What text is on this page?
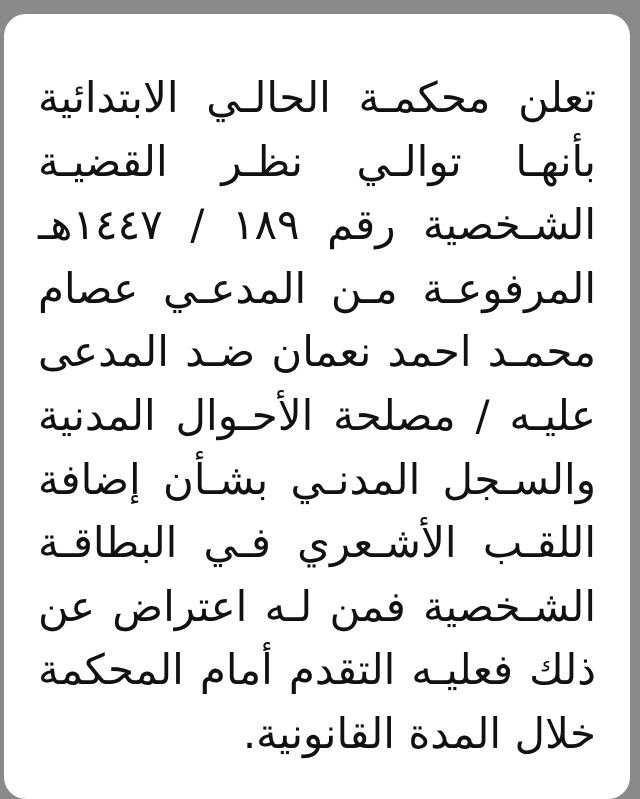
تعلن محكمـة الحالـي الابتدائية
بأنهـا توالـي نظـر القضيـة
الشـخصية رقم ١٨٩ / ١٤٤٧هـ
المرفوعـة مـن المدعـي عصام
محمـد احمد نعمان ضـد المدعى
عليـه / مصلحة الأحـوال المدنية
والسـجل المدنـي بشـأن إضافة
اللقـب الأشـعري فـي البطاقـة
الشـخصية فمن لـه اعتراض عن
ذلك فعليـه التقدم أمام المحكمة
خلال المدة القانونية.
